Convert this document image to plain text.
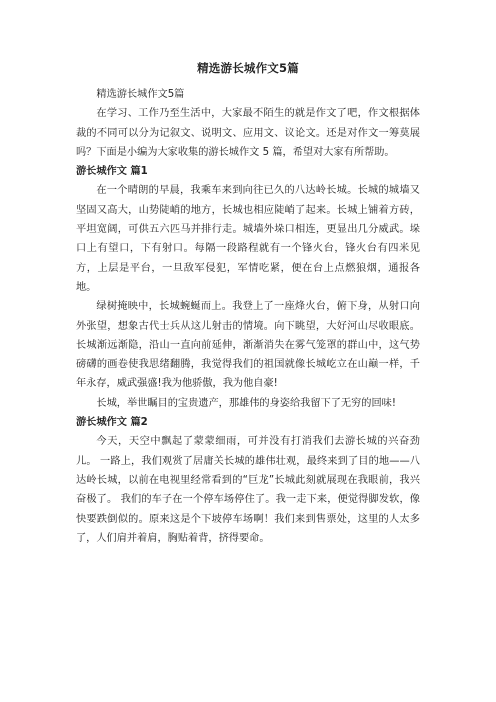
精选游长城作文5篇

精选游长城作文5篇

在学习、工作乃至生活中，大家最不陌生的就是作文了吧，作文根据体裁的不同可以分为记叙文、说明文、应用文、议论文。还是对作文一筹莫展吗？下面是小编为大家收集的游长城作文 5 篇，希望对大家有所帮助。

游长城作文 篇1

在一个晴朗的早晨，我乘车来到向往已久的八达岭长城。长城的城墙又坚固又高大，山势陡峭的地方，长城也相应陡峭了起来。长城上铺着方砖，平坦宽阔，可供五六匹马并排行走。城墙外垛口相连，更显出几分威武。垛口上有望口，下有射口。每隔一段路程就有一个锋火台，锋火台有四米见方，上层是平台，一旦敌军侵犯，军情吃紧，便在台上点燃狼烟，通报各地。

绿树掩映中，长城蜿蜒而上。我登上了一座烽火台，俯下身，从射口向外张望，想象古代士兵从这儿射击的情境。向下眺望，大好河山尽收眼底。长城渐远渐隐，沿山一直向前延伸，渐渐消失在雾气笼罩的群山中，这气势磅礴的画卷使我思绪翻腾，我觉得我们的祖国就像长城屹立在山巅一样，千年永存，威武强盛!我为他骄傲，我为他自豪!

长城，举世瞩目的宝贵遗产，那雄伟的身姿给我留下了无穷的回味!

游长城作文 篇2

今天，天空中飘起了蒙蒙细雨，可并没有打消我们去游长城的兴奋劲儿。 一路上，我们观赏了居庸关长城的雄伟壮观，最终来到了目的地——八达岭长城，以前在电视里经常看到的“巨龙”长城此刻就展现在我眼前，我兴奋极了。 我们的车子在一个停车场停住了。我一走下来，便觉得脚发软，像快要跌倒似的。原来这是个下坡停车场啊！我们来到售票处，这里的人太多了，人们肩并着肩，胸贴着背，挤得要命。
